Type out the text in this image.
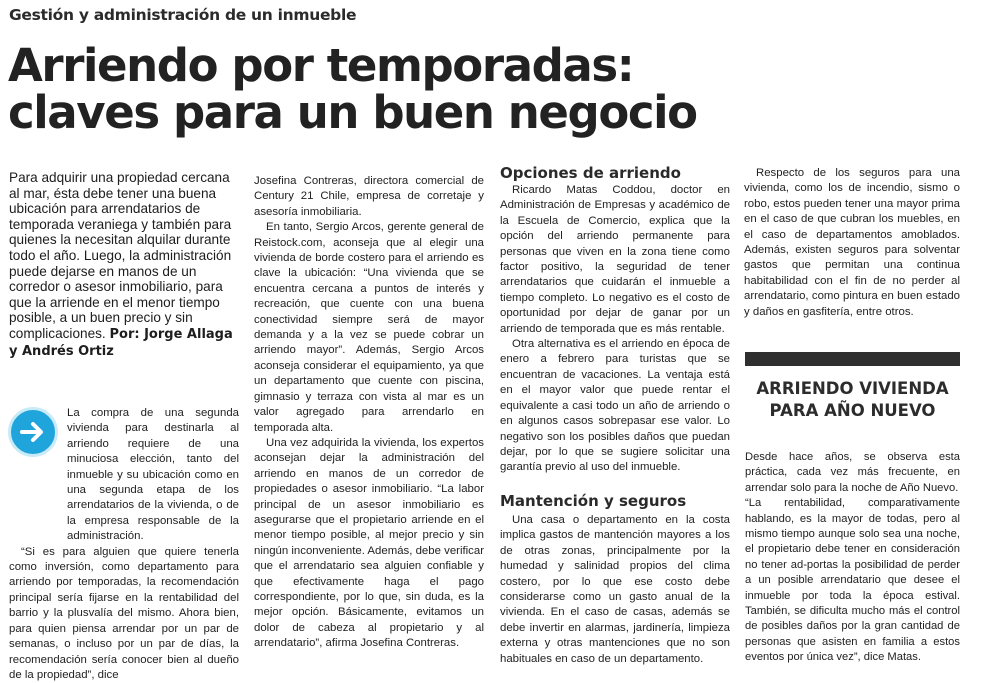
Gestión y administración de un inmueble
Arriendo por temporadas:
claves para un buen negocio
Para adquirir una propiedad cercana al mar, ésta debe tener una buena ubicación para arrendatarios de temporada veraniega y también para quienes la necesitan alquilar durante todo el año. Luego, la administración puede dejarse en manos de un corredor o asesor inmobiliario, para que la arriende en el menor tiempo posible, a un buen precio y sin complicaciones. Por: Jorge Allaga y Andrés Ortiz

La compra de una segunda vivienda para destinarla al arriendo requiere de una minuciosa elección, tanto del inmueble y su ubicación como en una segunda etapa de los arrendatarios de la vivienda, o de la empresa responsable de la administración.

“Si es para alguien que quiere tenerla como inversión, como departamento para arriendo por temporadas, la recomendación principal sería fijarse en la rentabilidad del barrio y la plusvalía del mismo. Ahora bien, para quien piensa arrendar por un par de semanas, o incluso por un par de días, la recomendación sería conocer bien al dueño de la propiedad”, dice

Josefina Contreras, directora comercial de Century 21 Chile, empresa de corretaje y asesoría inmobiliaria.

En tanto, Sergio Arcos, gerente general de Reistock.com, aconseja que al elegir una vivienda de borde costero para el arriendo es clave la ubicación: “Una vivienda que se encuentra cercana a puntos de interés y recreación, que cuente con una buena conectividad siempre será de mayor demanda y a la vez se puede cobrar un arriendo mayor”. Además, Sergio Arcos aconseja considerar el equipamiento, ya que un departamento que cuente con piscina, gimnasio y terraza con vista al mar es un valor agregado para arrendarlo en temporada alta.

Una vez adquirida la vivienda, los expertos aconsejan dejar la administración del arriendo en manos de un corredor de propiedades o asesor inmobiliario. “La labor principal de un asesor inmobiliario es asegurarse que el propietario arriende en el menor tiempo posible, al mejor precio y sin ningún inconveniente. Además, debe verificar que el arrendatario sea alguien confiable y que efectivamente haga el pago correspondiente, por lo que, sin duda, es la mejor opción. Básicamente, evitamos un dolor de cabeza al propietario y al arrendatario”, afirma Josefina Contreras.

Opciones de arriendo

Ricardo Matas Coddou, doctor en Administración de Empresas y académico de la Escuela de Comercio, explica que la opción del arriendo permanente para personas que viven en la zona tiene como factor positivo, la seguridad de tener arrendatarios que cuidarán el inmueble a tiempo completo. Lo negativo es el costo de oportunidad por dejar de ganar por un arriendo de temporada que es más rentable.

Otra alternativa es el arriendo en época de enero a febrero para turistas que se encuentran de vacaciones. La ventaja está en el mayor valor que puede rentar el equivalente a casi todo un año de arriendo o en algunos casos sobrepasar ese valor. Lo negativo son los posibles daños que puedan dejar, por lo que se sugiere solicitar una garantía previo al uso del inmueble.

Mantención y seguros

Una casa o departamento en la costa implica gastos de mantención mayores a los de otras zonas, principalmente por la humedad y salinidad propios del clima costero, por lo que ese costo debe considerarse como un gasto anual de la vivienda. En el caso de casas, además se debe invertir en alarmas, jardinería, limpieza externa y otras mantenciones que no son habituales en caso de un departamento.

Respecto de los seguros para una vivienda, como los de incendio, sismo o robo, estos pueden tener una mayor prima en el caso de que cubran los muebles, en el caso de departamentos amoblados. Además, existen seguros para solventar gastos que permitan una continua habitabilidad con el fin de no perder al arrendatario, como pintura en buen estado y daños en gasfitería, entre otros.

ARRIENDO VIVIENDA PARA AÑO NUEVO

Desde hace años, se observa esta práctica, cada vez más frecuente, en arrendar solo para la noche de Año Nuevo.

“La rentabilidad, comparativamente hablando, es la mayor de todas, pero al mismo tiempo aunque solo sea una noche, el propietario debe tener en consideración no tener ad-portas la posibilidad de perder a un posible arrendatario que desee el inmueble por toda la época estival. También, se dificulta mucho más el control de posibles daños por la gran cantidad de personas que asisten en familia a estos eventos por única vez”, dice Matas.
